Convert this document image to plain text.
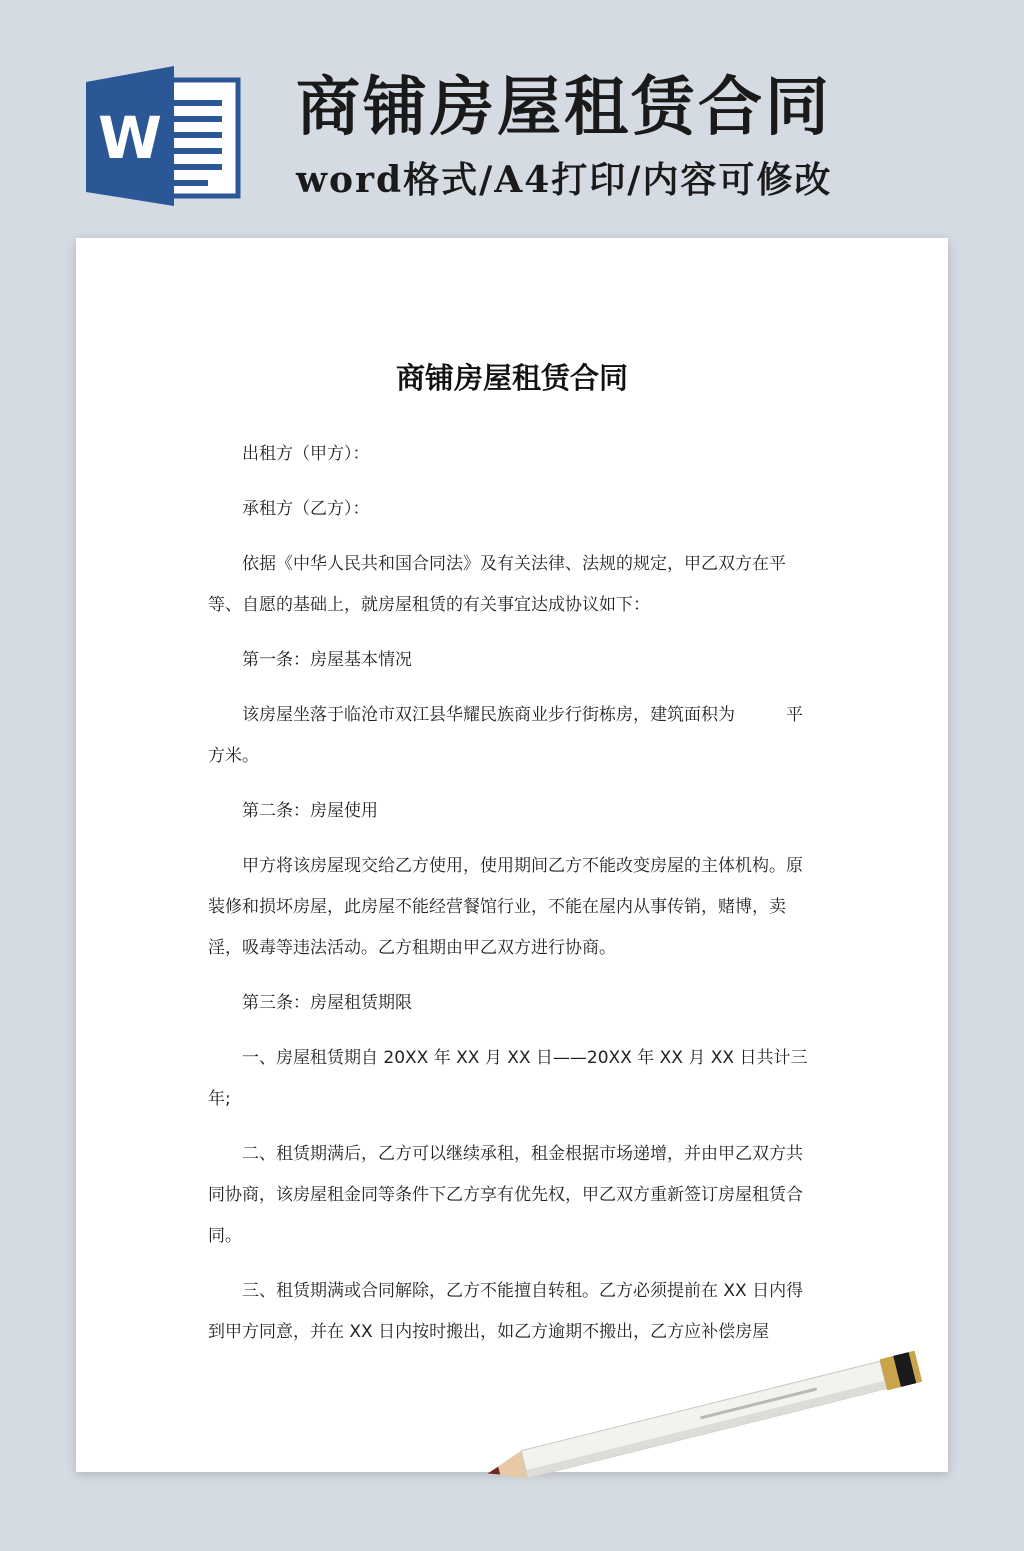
W 商铺房屋租赁合同
word格式/A4打印/内容可修改
商铺房屋租赁合同

出租方（甲方）：

承租方（乙方）：

依据《中华人民共和国合同法》及有关法律、法规的规定，甲乙双方在平等、自愿的基础上，就房屋租赁的有关事宜达成协议如下：

第一条：房屋基本情况

该房屋坐落于临沧市双江县华耀民族商业步行街栋房，建筑面积为　　　平方米。

第二条：房屋使用

甲方将该房屋现交给乙方使用，使用期间乙方不能改变房屋的主体机构。原装修和损坏房屋，此房屋不能经营餐馆行业，不能在屋内从事传销，赌博，卖淫，吸毒等违法活动。乙方租期由甲乙双方进行协商。

第三条：房屋租赁期限

一、房屋租赁期自 20XX 年 XX 月 XX 日——20XX 年 XX 月 XX 日共计三年;

二、租赁期满后，乙方可以继续承租，租金根据市场递增，并由甲乙双方共同协商，该房屋租金同等条件下乙方享有优先权，甲乙双方重新签订房屋租赁合同。

三、租赁期满或合同解除，乙方不能擅自转租。乙方必须提前在 XX 日内得到甲方同意，并在 XX 日内按时搬出，如乙方逾期不搬出，乙方应补偿房屋
